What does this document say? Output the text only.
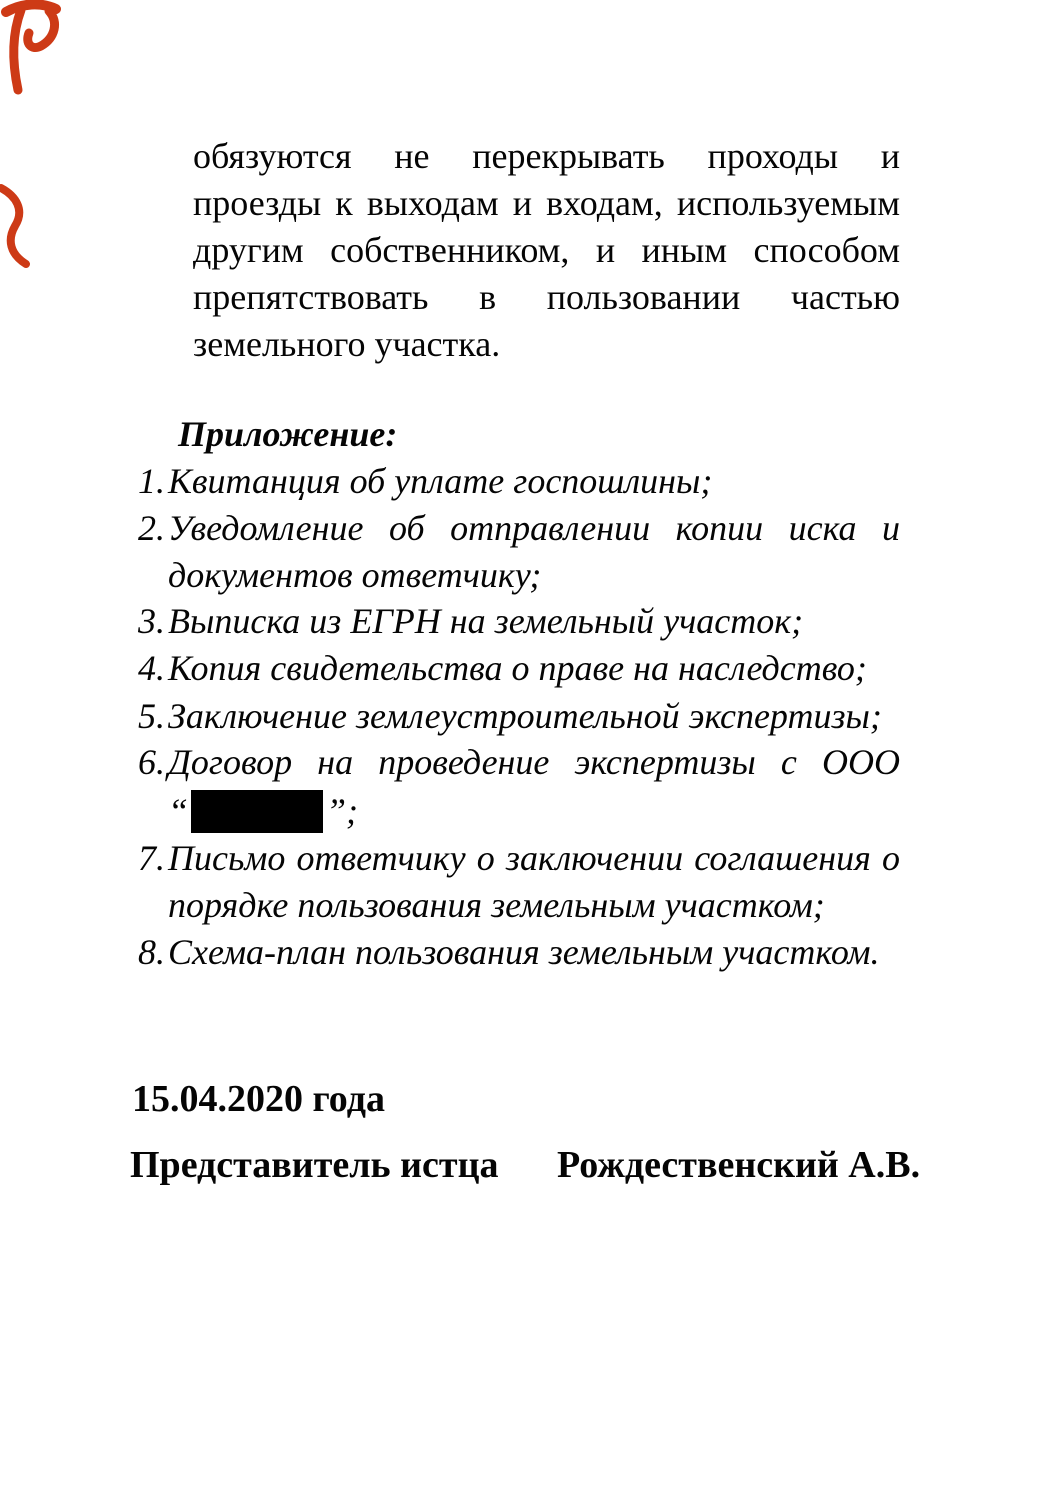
обязуются не перекрывать проходы и
проезды к выходам и входам, используемым
другим собственником, и иным способом
препятствовать в пользовании частью
земельного участка.
Приложение:
1. Квитанция об уплате госпошлины;
2. Уведомление об отправлении копии иска и
документов ответчику;
3. Выписка из ЕГРН на земельный участок;
4. Копия свидетельства о праве на наследство;
5. Заключение землеустроительной экспертизы;
6. Договор на проведение экспертизы с ООО
“	”;
7. Письмо ответчику о заключении соглашения о
порядке пользования земельным участком;
8. Схема-план пользования земельным участком.
15.04.2020 года
Представитель истца Рождественский А.В.
